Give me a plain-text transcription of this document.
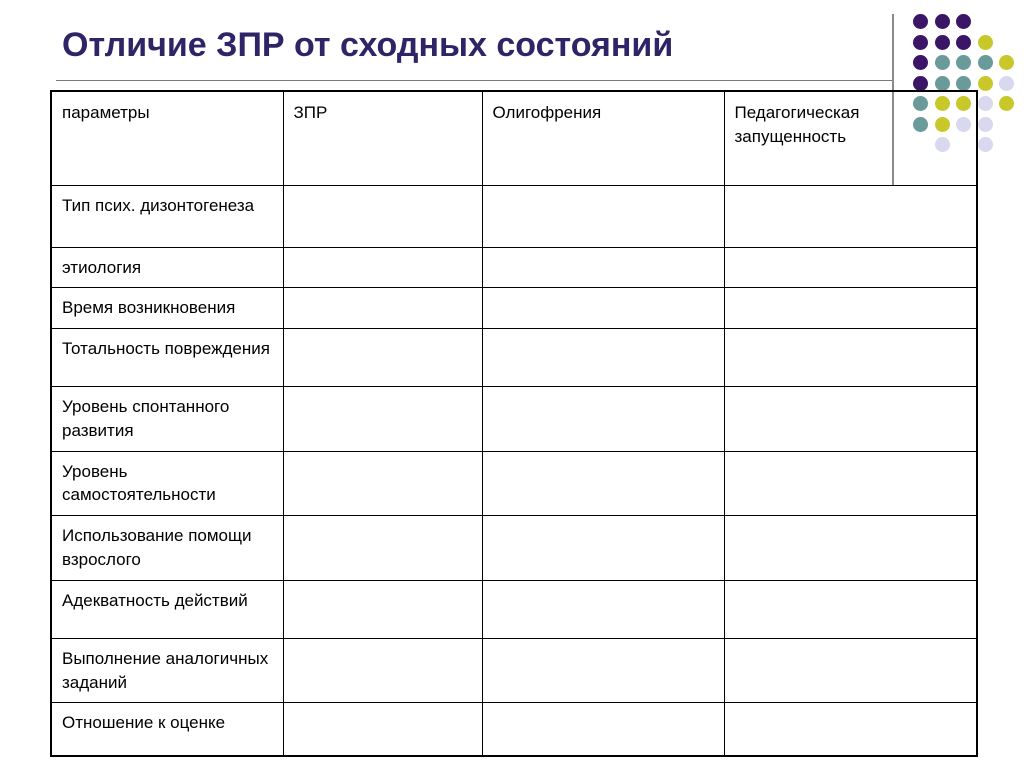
Отличие ЗПР от сходных состояний
параметры	ЗПР	Олигофрения	Педагогическая запущенность
Тип псих. дизонтогенеза			
этиология			
Время возникновения			
Тотальность повреждения			
Уровень спонтанного развития			
Уровень самостоятельности			
Использование помощи взрослого			
Адекватность действий			
Выполнение аналогичных заданий			
Отношение к оценке			
